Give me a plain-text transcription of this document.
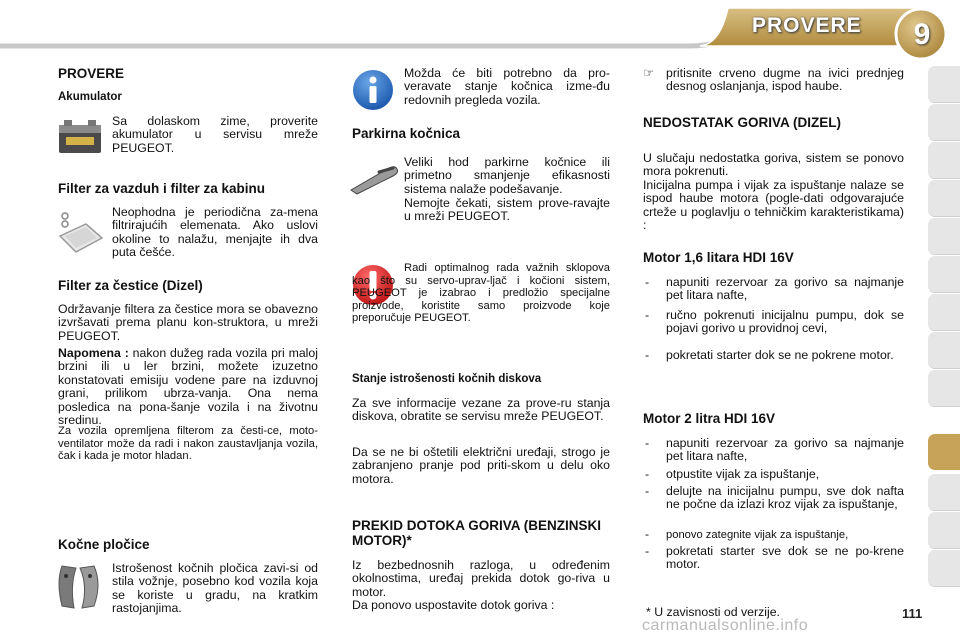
PROVERE	9
PROVERE
Akumulator

Sa dolaskom zime, proverite akumulator u servisu mreže PEUGEOT.

Filter za vazduh i filter za kabinu

Neophodna je periodična za-mena filtrirajućih elemenata. Ako uslovi okoline to nalažu, menjajte ih dva puta češće.

Filter za čestice (Dizel)

Održavanje filtera za čestice mora se obavezno izvršavati prema planu kon-struktora, u mreži PEUGEOT.

Napomena : nakon dužeg rada vozila pri maloj brzini ili u ler brzini, možete izuzetno konstatovati emisiju vodene pare na izduvnoj grani, prilikom ubrza-vanja. Ona nema posledica na pona-šanje vozila i na životnu sredinu.

Za vozila opremljena filterom za česti-ce, moto-ventilator može da radi i nakon zaustavljanja vozila, čak i kada je motor hladan.

Kočne pločice

Istrošenost kočnih pločica zavi-si od stila vožnje, posebno kod vozila koja se koriste u gradu, na kratkim rastojanjima.

Možda će biti potrebno da pro-veravate stanje kočnica izme-đu redovnih pregleda vozila.

Parkirna kočnica

Veliki hod parkirne kočnice ili primetno smanjenje efikasnosti sistema nalaže podešavanje.

Nemojte čekati, sistem prove-ravajte u mreži PEUGEOT.

Radi optimalnog rada važnih sklopova kao što su servo-uprav-ljač i kočioni sistem, PEUGEOT je izabrao i predložio specijalne proizvode, koristite samo proizvode koje preporučuje PEUGEOT.

Stanje istrošenosti kočnih diskova

Za sve informacije vezane za prove-ru stanja diskova, obratite se servisu mreže PEUGEOT.

Da se ne bi oštetili električni uređaji, strogo je zabranjeno pranje pod priti-skom u delu oko motora.

PREKID DOTOKA GORIVA (BENZINSKI MOTOR)*

Iz bezbednosnih razloga, u određenim okolnostima, uređaj prekida dotok go-riva u motor.

Da ponovo uspostavite dotok goriva :

☞ pritisnite crveno dugme na ivici prednjeg desnog oslanjanja, ispod haube.

NEDOSTATAK GORIVA (DIZEL)

U slučaju nedostatka goriva, sistem se ponovo mora pokrenuti.

Inicijalna pumpa i vijak za ispuštanje nalaze se ispod haube motora (pogle-dati odgovarajuće crteže u poglavlju o tehničkim karakteristikama) :

Motor 1,6 litara HDI 16V
- napuniti rezervoar za gorivo sa najmanje pet litara nafte,

- ručno pokrenuti inicijalnu pumpu, dok se pojavi gorivo u providnoj cevi,

- pokretati starter dok se ne pokrene motor.

Motor 2 litra HDI 16V
- napuniti rezervoar za gorivo sa najmanje pet litara nafte,

- otpustite vijak za ispuštanje,

- delujte na inicijalnu pumpu, sve dok nafta ne počne da izlazi kroz vijak za ispuštanje,

- ponovo zategnite vijak za ispuštanje,

- pokretati starter sve dok se ne po-krene motor.

* U zavisnosti od verzije.	111
carmanualsonline.info
